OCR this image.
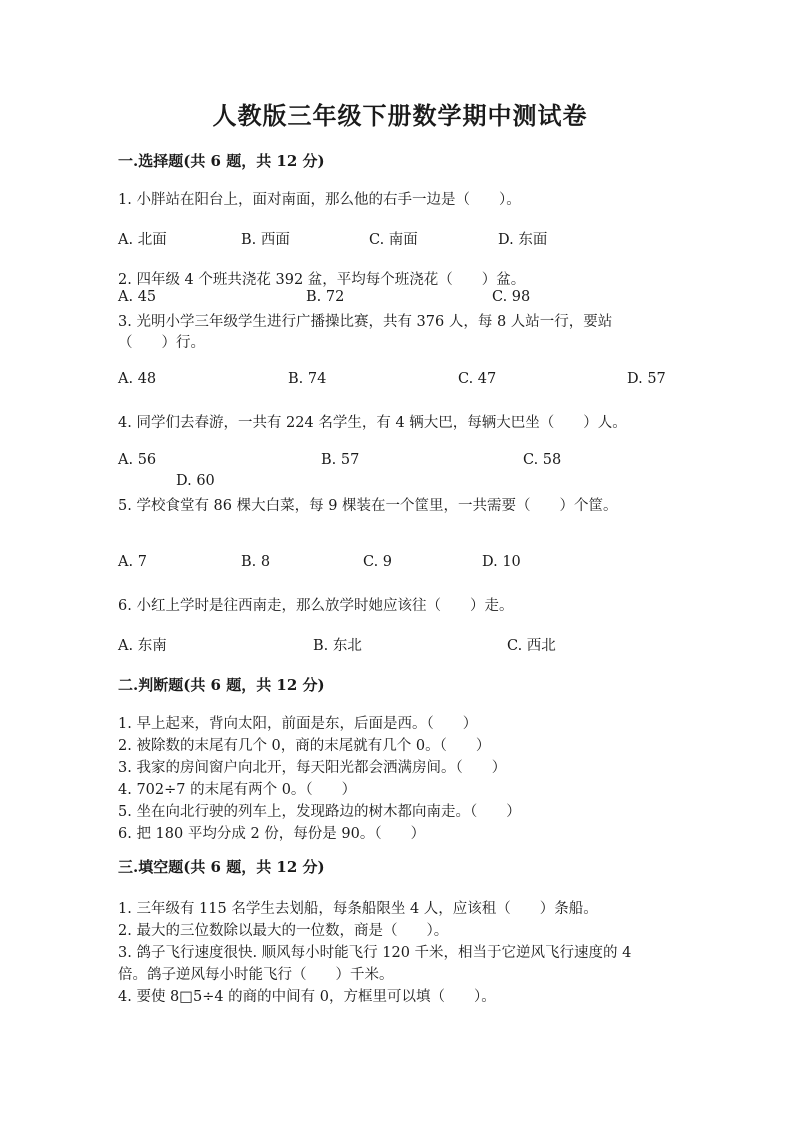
人教版三年级下册数学期中测试卷
一.选择题(共 6 题，共 12 分)
1. 小胖站在阳台上，面对南面，那么他的右手一边是（　　）。
A. 北面	B. 西面	C. 南面	D. 东面
2. 四年级 4 个班共浇花 392 盆，平均每个班浇花（　　）盆。
A. 45	B. 72	C. 98
3. 光明小学三年级学生进行广播操比赛，共有 376 人，每 8 人站一行，要站
（　　）行。
A. 48	B. 74	C. 47	D. 57
4. 同学们去春游，一共有 224 名学生，有 4 辆大巴，每辆大巴坐（　　）人。
A. 56	B. 57	C. 58
D. 60
5. 学校食堂有 86 棵大白菜，每 9 棵装在一个筐里，一共需要（　　）个筐。
A. 7	B. 8	C. 9	D. 10
6. 小红上学时是往西南走，那么放学时她应该往（　　）走。
A. 东南	B. 东北	C. 西北
二.判断题(共 6 题，共 12 分)
1. 早上起来，背向太阳，前面是东，后面是西。（　　）
2. 被除数的末尾有几个 0，商的末尾就有几个 0。（　　）
3. 我家的房间窗户向北开，每天阳光都会洒满房间。（　　）
4. 702÷7 的末尾有两个 0。（　　）
5. 坐在向北行驶的列车上，发现路边的树木都向南走。（　　）
6. 把 180 平均分成 2 份，每份是 90。（　　）
三.填空题(共 6 题，共 12 分)
1. 三年级有 115 名学生去划船，每条船限坐 4 人，应该租（　　）条船。
2. 最大的三位数除以最大的一位数，商是（　　）。
3. 鸽子飞行速度很快. 顺风每小时能飞行 120 千米，相当于它逆风飞行速度的 4
倍。鸽子逆风每小时能飞行（　　）千米。
4. 要使 8□5÷4 的商的中间有 0，方框里可以填（　　）。
